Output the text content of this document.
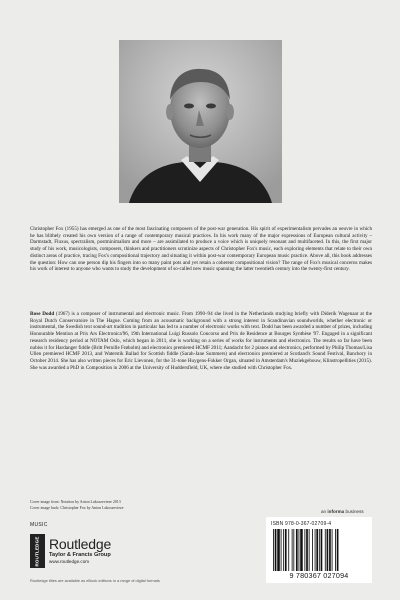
Christopher Fox (1955) has emerged as one of the most fascinating composers of the post-war generation. His spirit of experimentalism pervades an oeuvre in which he has blithely created his own version of a range of contemporary musical practices. In his work many of the major expressions of European cultural activity – Darmstadt, Fluxus, spectralism, postminimalism and more – are assimilated to produce a voice which is uniquely resonant and multifaceted. In this, the first major study of his work, musicologists, composers, thinkers and practitioners scrutinize aspects of Christopher Fox's music, each exploring elements that relate to their own distinct areas of practice, tracing Fox's compositional trajectory and situating it within post-war contemporary European music practice. Above all, this book addresses the question: How can one person dip his fingers into so many paint pots and yet retain a coherent compositional vision? The range of Fox's musical concerns makes his work of interest to anyone who wants to study the development of so-called new music spanning the latter twentieth century into the twenty-first century.

Rose Dodd (1967) is a composer of instrumental and electronic music. From 1990–94 she lived in the Netherlands studying briefly with Diderik Wagenaar at the Royal Dutch Conservatoire in The Hague. Coming from an acousmatic background with a strong interest in Scandinavian soundworlds, whether electronic or instrumental, the Swedish text sound-art tradition in particular has led to a number of electronic works with text. Dodd has been awarded a number of prizes, including Honourable Mention at Prix Ars Electronica'96, 19th International Luigi Russolo Concorso and Prix de Residence at Bourges Synthèse '97. Engaged in a significant research residency period at NOTAM Oslo, which began in 2011, she is working on a series of works for instruments and electronics. The results so far have been nubiss it for Hardanger fiddle (Britt Pernille Frøholm) and electronics premiered HCMF 2011; Aandacht for 2 pianos and electronics, performed by Philip Thomas/Lisa Ullen premiered HCMF 2013, and Waterstik Ballad for Scottish fiddle (Sarah-Jane Summers) and electronics premiered at Scotland's Sound Festival, Banchory in October 2014. She has also written pieces for Eric Lievonen, for the 31-tone Huygens-Fokker Organ, situated in Amsterdam's Muziekgebouw, Klinstropellities (2015). She was awarded a PhD in Composition in 2006 at the University of Huddersfield, UK, where she studied with Christopher Fox.

Cover image front: Notation by Anton Lukoszevieze 2013
Cover image back: Christopher Fox by Anton Lukoszevieze
an informa business
MUSIC
ROUTLEDGE Routledge
Taylor & Francis Group
www.routledge.com
Routledge titles are available as eBook editions in a range of digital formats
ISBN 978-0-367-02709-4
9 780367 027094
